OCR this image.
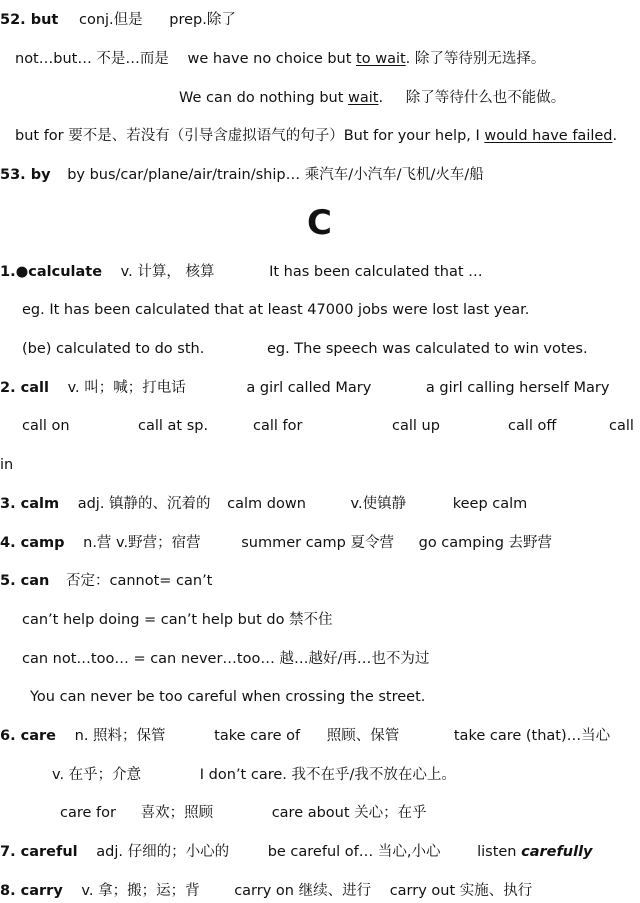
52. but conj.但是 prep.除了
not…but… 不是…而是 we have no choice but to wait. 除了等待别无选择。
We can do nothing but wait. 除了等待什么也不能做。
but for 要不是、若没有（引导含虚拟语气的句子）But for your help, I would have failed.
53. by by bus/car/plane/air/train/ship… 乘汽车/小汽车/飞机/火车/船
C
1.●calculate v. 计算， 核算	It has been calculated that …
eg. It has been calculated that at least 47000 jobs were lost last year.
(be) calculated to do sth.	eg. The speech was calculated to win votes.
2. call v. 叫；喊；打电话	a girl called Mary	a girl calling herself Mary
call on	call at sp.	call for	call up	call off	call
in
3. calm adj. 镇静的、沉着的 calm down	v.使镇静	keep calm
4. camp n.营 v.野营；宿营	summer camp 夏令营 go camping 去野营
5. can 否定：cannot= can’t
can’t help doing = can’t help but do 禁不住
can not…too… = can never…too… 越…越好/再…也不为过
You can never be too careful when crossing the street.
6. care n. 照料；保管	take care of 照顾、保管	take care (that)…当心
v. 在乎；介意	I don’t care. 我不在乎/我不放在心上。
care for 喜欢；照顾	care about 关心；在乎
7. careful adj. 仔细的；小心的	be careful of… 当心,小心	listen carefully
8. carry v. 拿；搬；运；背 carry on 继续、进行 carry out 实施、执行
